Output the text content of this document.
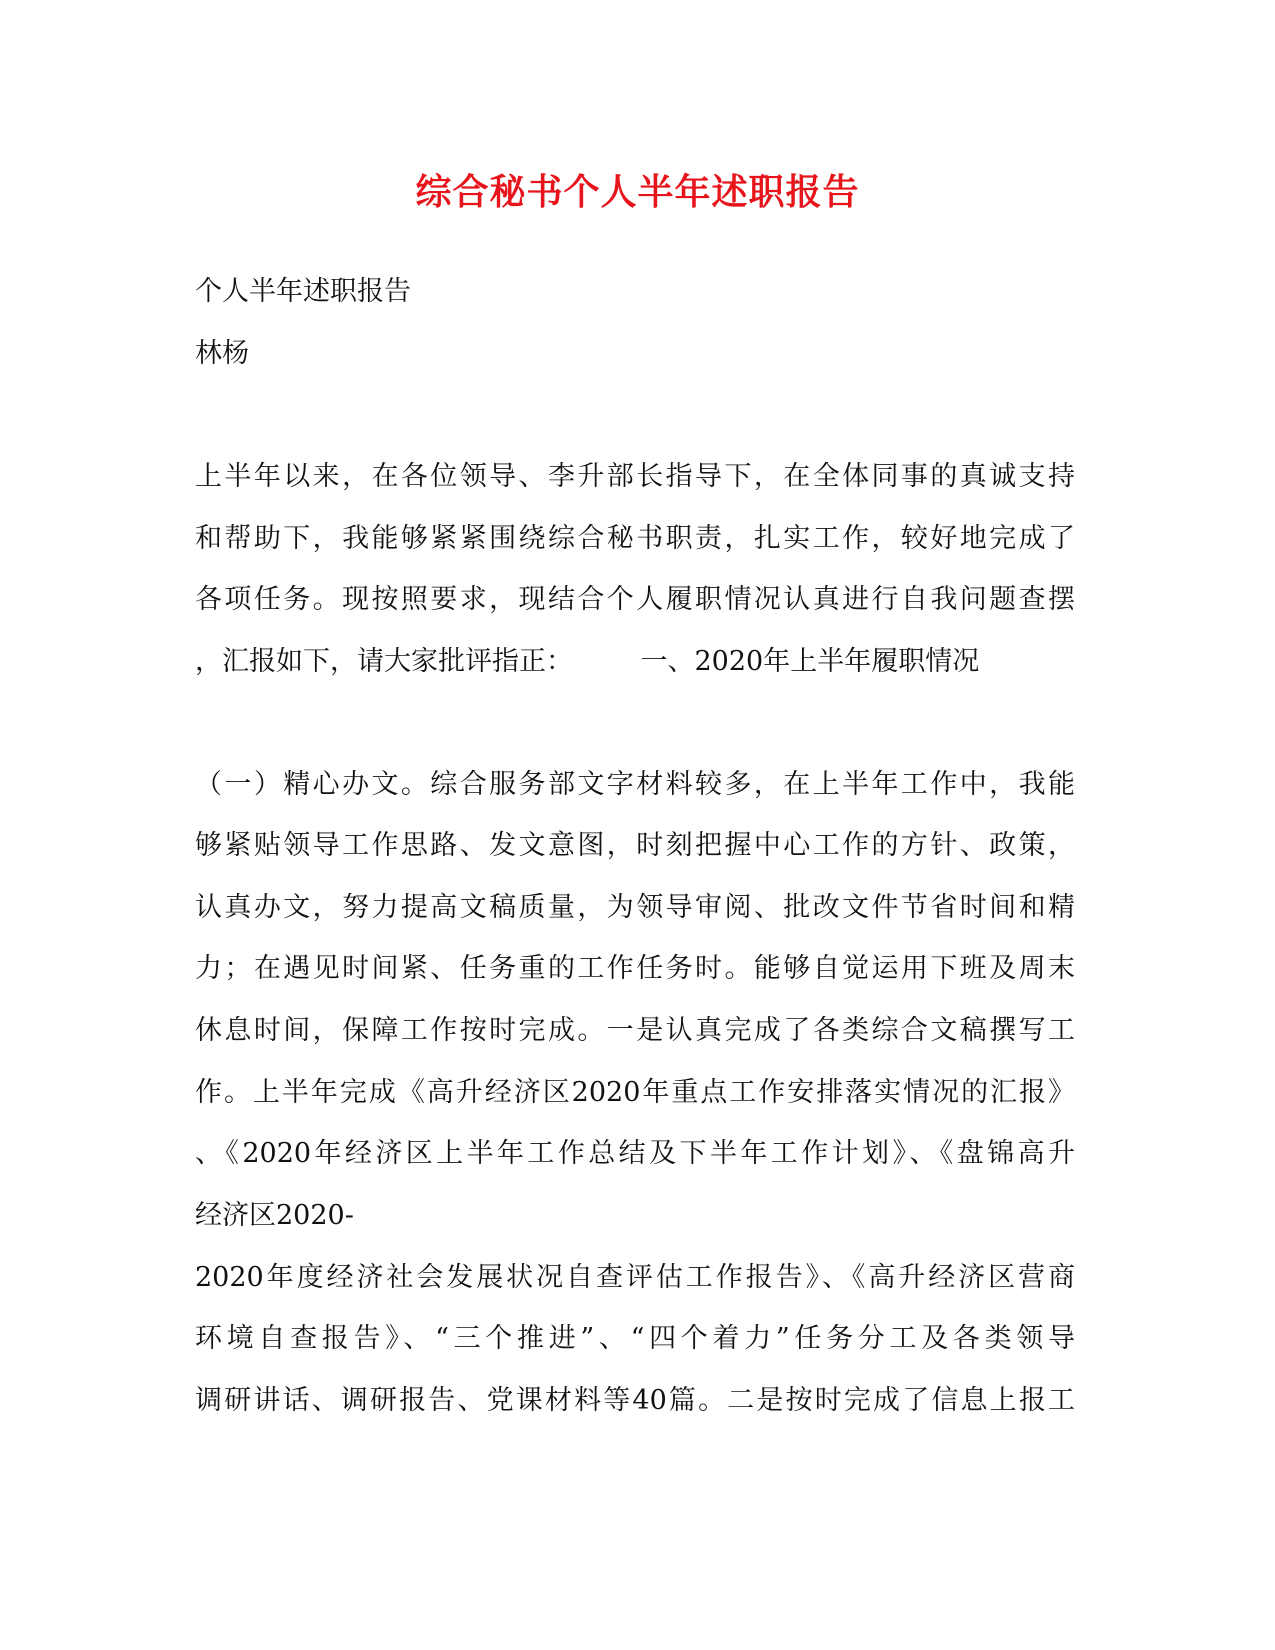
综合秘书个人半年述职报告
个人半年述职报告
林杨
上半年以来，在各位领导、李升部长指导下，在全体同事的真诚支持
和帮助下，我能够紧紧围绕综合秘书职责，扎实工作，较好地完成了
各项任务。现按照要求，现结合个人履职情况认真进行自我问题查摆
，汇报如下，请大家批评指正：　　　一、2020年上半年履职情况
（一）精心办文。综合服务部文字材料较多，在上半年工作中，我能
够紧贴领导工作思路、发文意图，时刻把握中心工作的方针、政策，
认真办文，努力提高文稿质量，为领导审阅、批改文件节省时间和精
力；在遇见时间紧、任务重的工作任务时。能够自觉运用下班及周末
休息时间，保障工作按时完成。一是认真完成了各类综合文稿撰写工
作。上半年完成《高升经济区2020年重点工作安排落实情况的汇报》
、《2020年经济区上半年工作总结及下半年工作计划》、《盘锦高升
经济区2020-
2020年度经济社会发展状况自查评估工作报告》、《高升经济区营商
环境自查报告》、“三个推进”、“四个着力”任务分工及各类领导
调研讲话、调研报告、党课材料等40篇。二是按时完成了信息上报工
